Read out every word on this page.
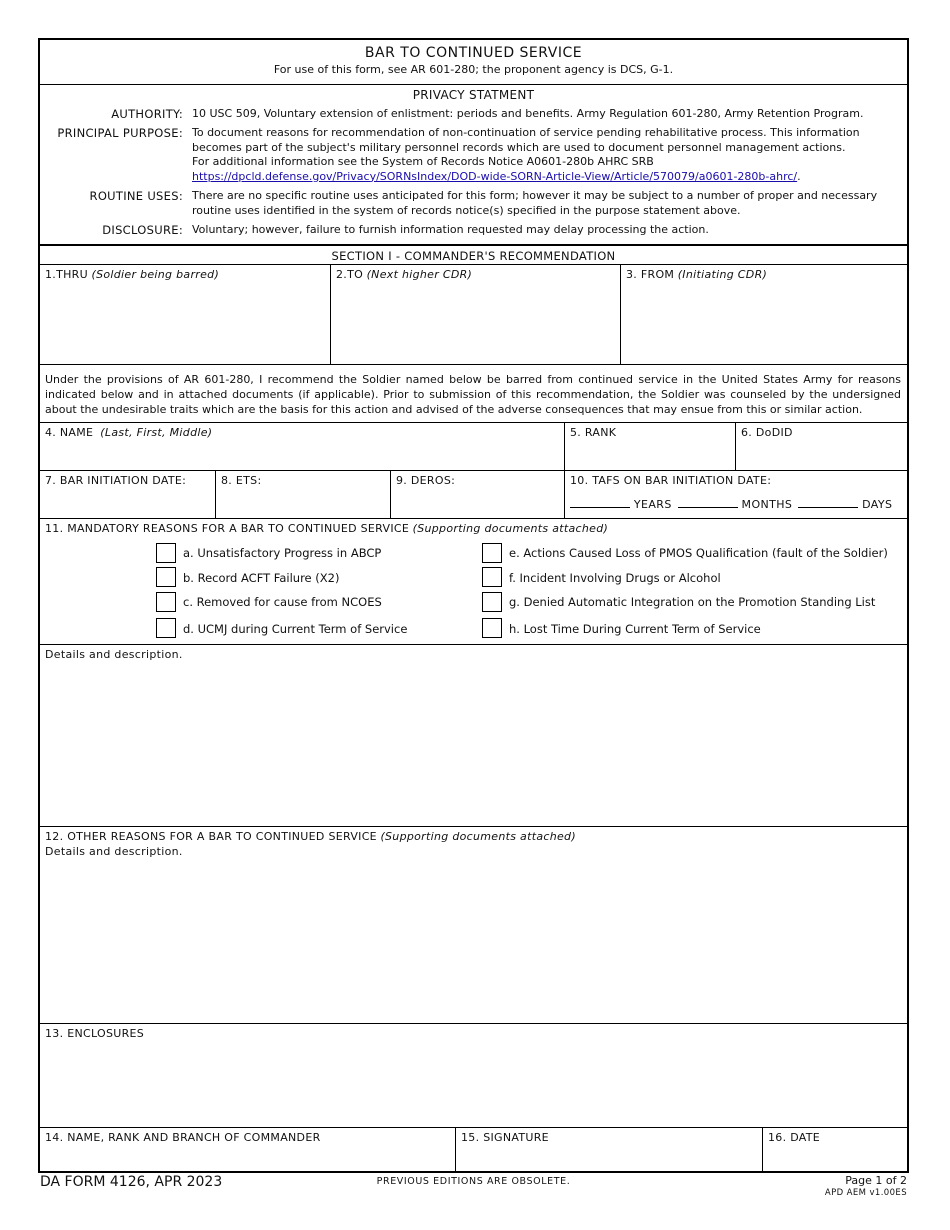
BAR TO CONTINUED SERVICE
For use of this form, see AR 601-280; the proponent agency is DCS, G-1.
PRIVACY STATMENT
AUTHORITY: 10 USC 509, Voluntary extension of enlistment: periods and benefits. Army Regulation 601-280, Army Retention Program.
PRINCIPAL PURPOSE: To document reasons for recommendation of non-continuation of service pending rehabilitative process. This information becomes part of the subject's military personnel records which are used to document personnel management actions.
For additional information see the System of Records Notice A0601-280b AHRC SRB
https://dpcld.defense.gov/Privacy/SORNsIndex/DOD-wide-SORN-Article-View/Article/570079/a0601-280b-ahrc/.
ROUTINE USES: There are no specific routine uses anticipated for this form; however it may be subject to a number of proper and necessary routine uses identified in the system of records notice(s) specified in the purpose statement above.
DISCLOSURE: Voluntary; however, failure to furnish information requested may delay processing the action.
SECTION I - COMMANDER'S RECOMMENDATION
1.THRU (Soldier being barred)	2.TO (Next higher CDR)	3. FROM (Initiating CDR)
Under the provisions of AR 601-280, I recommend the Soldier named below be barred from continued service in the United States Army for reasons indicated below and in attached documents (if applicable). Prior to submission of this recommendation, the Soldier was counseled by the undersigned about the undesirable traits which are the basis for this action and advised of the adverse consequences that may ensue from this or similar action.
4. NAME (Last, First, Middle)	5. RANK	6. DoDID
7. BAR INITIATION DATE:	8. ETS:	9. DEROS:	10. TAFS ON BAR INITIATION DATE:
YEARS	MONTHS	DAYS
11. MANDATORY REASONS FOR A BAR TO CONTINUED SERVICE (Supporting documents attached)
a. Unsatisfactory Progress in ABCP
b. Record ACFT Failure (X2)
c. Removed for cause from NCOES
d. UCMJ during Current Term of Service
e. Actions Caused Loss of PMOS Qualification (fault of the Soldier)
f. Incident Involving Drugs or Alcohol
g. Denied Automatic Integration on the Promotion Standing List
h. Lost Time During Current Term of Service
Details and description.
12. OTHER REASONS FOR A BAR TO CONTINUED SERVICE (Supporting documents attached)
Details and description.
13. ENCLOSURES
14. NAME, RANK AND BRANCH OF COMMANDER	15. SIGNATURE	16. DATE
PREVIOUS EDITIONS ARE OBSOLETE.
DA FORM 4126, APR 2023	Page 1 of 2
APD AEM v1.00ES
